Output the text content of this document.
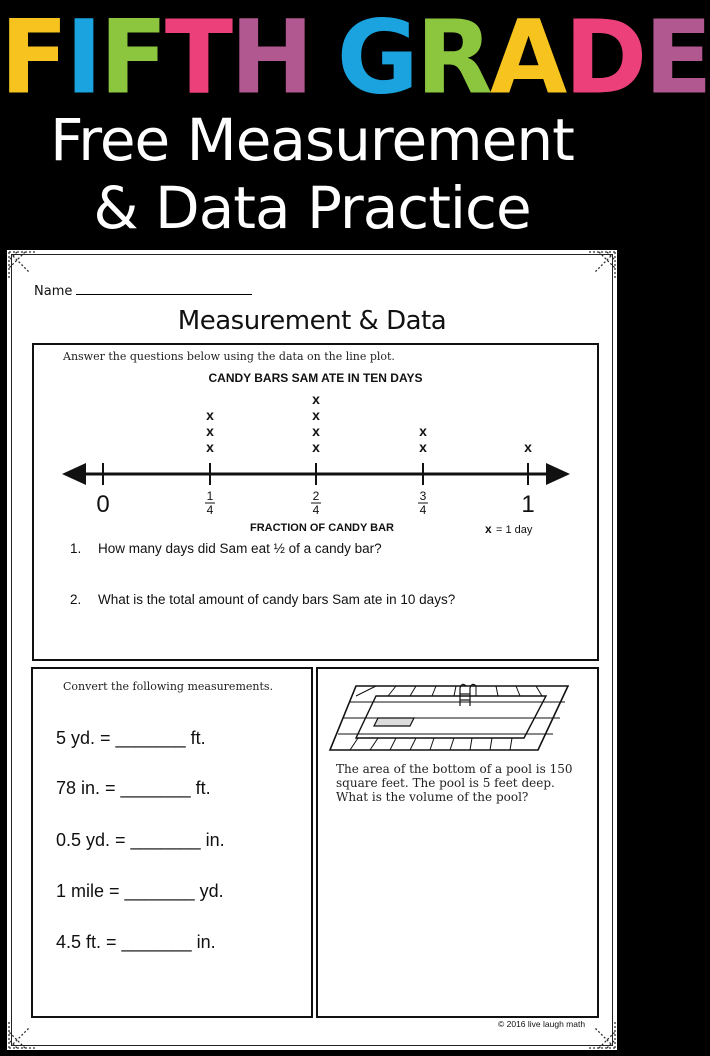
FIFTH GRADE
Free Measurement
& Data Practice
Name
Measurement & Data
Answer the questions below using the data on the line plot.
CANDY BARS SAM ATE IN TEN DAYS
x
x
x
x
x
x
x
x
x
x
0	1
4
2
4
3
4	1
FRACTION OF CANDY BAR	x = 1 day
1. How many days did Sam eat ½ of a candy bar?
2. What is the total amount of candy bars Sam ate in 10 days?
Convert the following measurements.
5 yd. = _______ ft.
78 in. = _______ ft.
0.5 yd. = _______ in.
1 mile = _______ yd.
4.5 ft. = _______ in.
The area of the bottom of a pool is 150 square feet. The pool is 5 feet deep. What is the volume of the pool?
© 2016 live laugh math
